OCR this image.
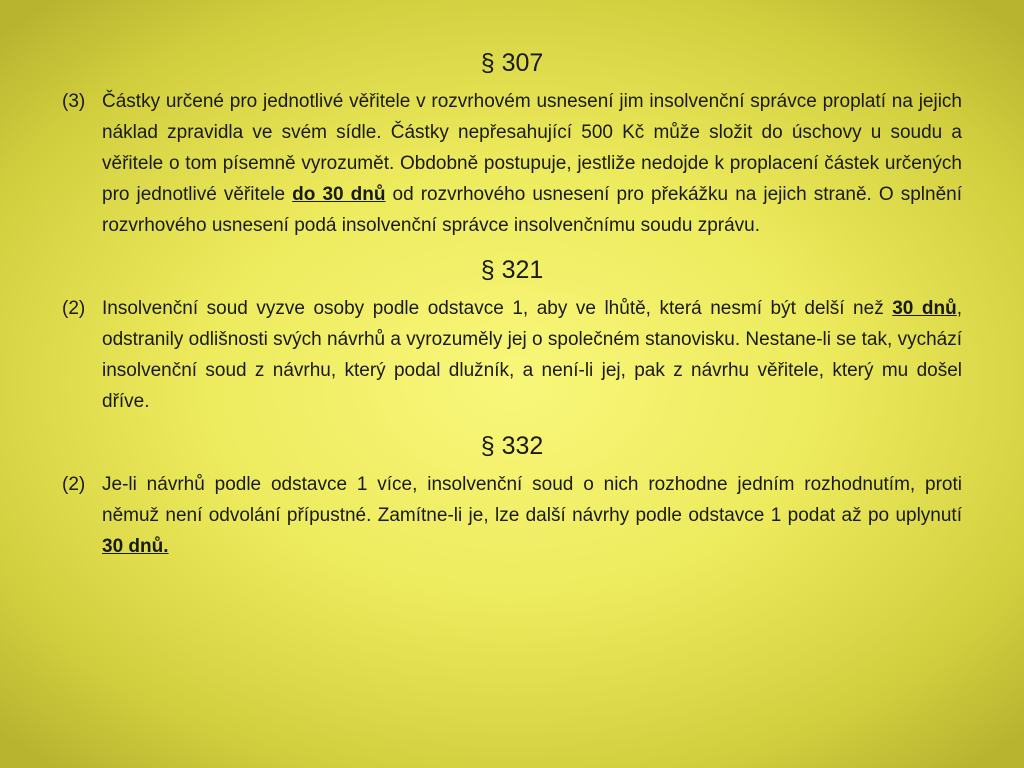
§ 307
(3) Částky určené pro jednotlivé věřitele v rozvrhovém usnesení jim insolvenční správce proplatí na jejich náklad zpravidla ve svém sídle. Částky nepřesahující 500 Kč může složit do úschovy u soudu a věřitele o tom písemně vyrozumět. Obdobně postupuje, jestliže nedojde k proplacení částek určených pro jednotlivé věřitele do 30 dnů od rozvrhového usnesení pro překážku na jejich straně. O splnění rozvrhového usnesení podá insolvenční správce insolvenčnímu soudu zprávu.
§ 321
(2) Insolvenční soud vyzve osoby podle odstavce 1, aby ve lhůtě, která nesmí být delší než 30 dnů, odstranily odlišnosti svých návrhů a vyrozuměly jej o společném stanovisku. Nestane-li se tak, vychází insolvenční soud z návrhu, který podal dlužník, a není-li jej, pak z návrhu věřitele, který mu došel dříve.
§ 332
(2) Je-li návrhů podle odstavce 1 více, insolvenční soud o nich rozhodne jedním rozhodnutím, proti němuž není odvolání přípustné. Zamítne-li je, lze další návrhy podle odstavce 1 podat až po uplynutí 30 dnů.
